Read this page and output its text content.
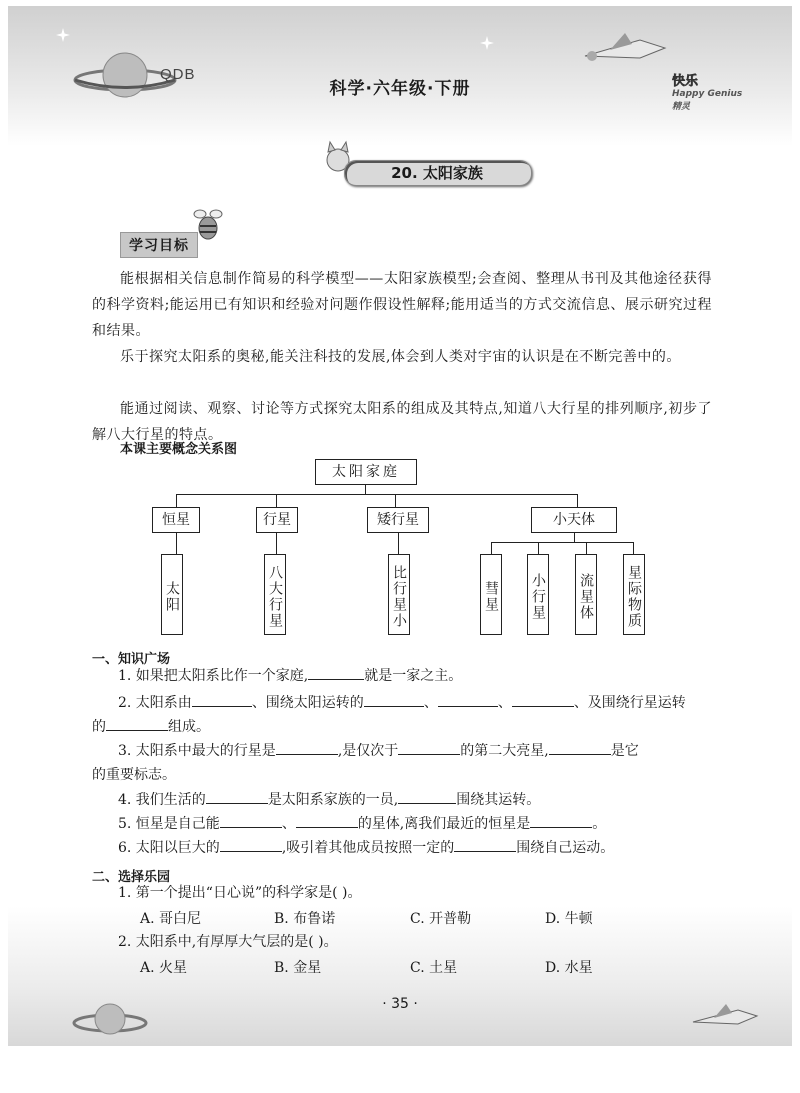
QDB
科学·六年级·下册	快乐
Happy Genius 精灵
20. 太阳家族
学习目标
能根据相关信息制作简易的科学模型——太阳家族模型;会查阅、整理从书刊及其他途径获得的科学资料;能运用已有知识和经验对问题作假设性解释;能用适当的方式交流信息、展示研究过程和结果。
乐于探究太阳系的奥秘,能关注科技的发展,体会到人类对宇宙的认识是在不断完善中的。
能通过阅读、观察、讨论等方式探究太阳系的组成及其特点,知道八大行星的排列顺序,初步了解八大行星的特点。
本课主要概念关系图
太阳家庭
恒星	行星	矮行星	小天体
太阳	八大行星	比行星小	彗星 小行星 流星体 星际物质
一、知识广场
1. 如果把太阳系比作一个家庭,	就是一家之主。
2. 太阳系由	、围绕太阳运转的	、	、	、及围绕行星运转
的	组成。
3. 太阳系中最大的行星是	,是仅次于	的第二大亮星,	是它
的重要标志。
4. 我们生活的	是太阳系家族的一员,	围绕其运转。
5. 恒星是自己能	、	的星体,离我们最近的恒星是	。
6. 太阳以巨大的	,吸引着其他成员按照一定的	围绕自己运动。
二、选择乐园
1. 第一个提出“日心说”的科学家是( )。
A. 哥白尼	B. 布鲁诺	C. 开普勒	D. 牛顿
2. 太阳系中,有厚厚大气层的是( )。
A. 火星	B. 金星	C. 土星	D. 水星
· 35 ·
